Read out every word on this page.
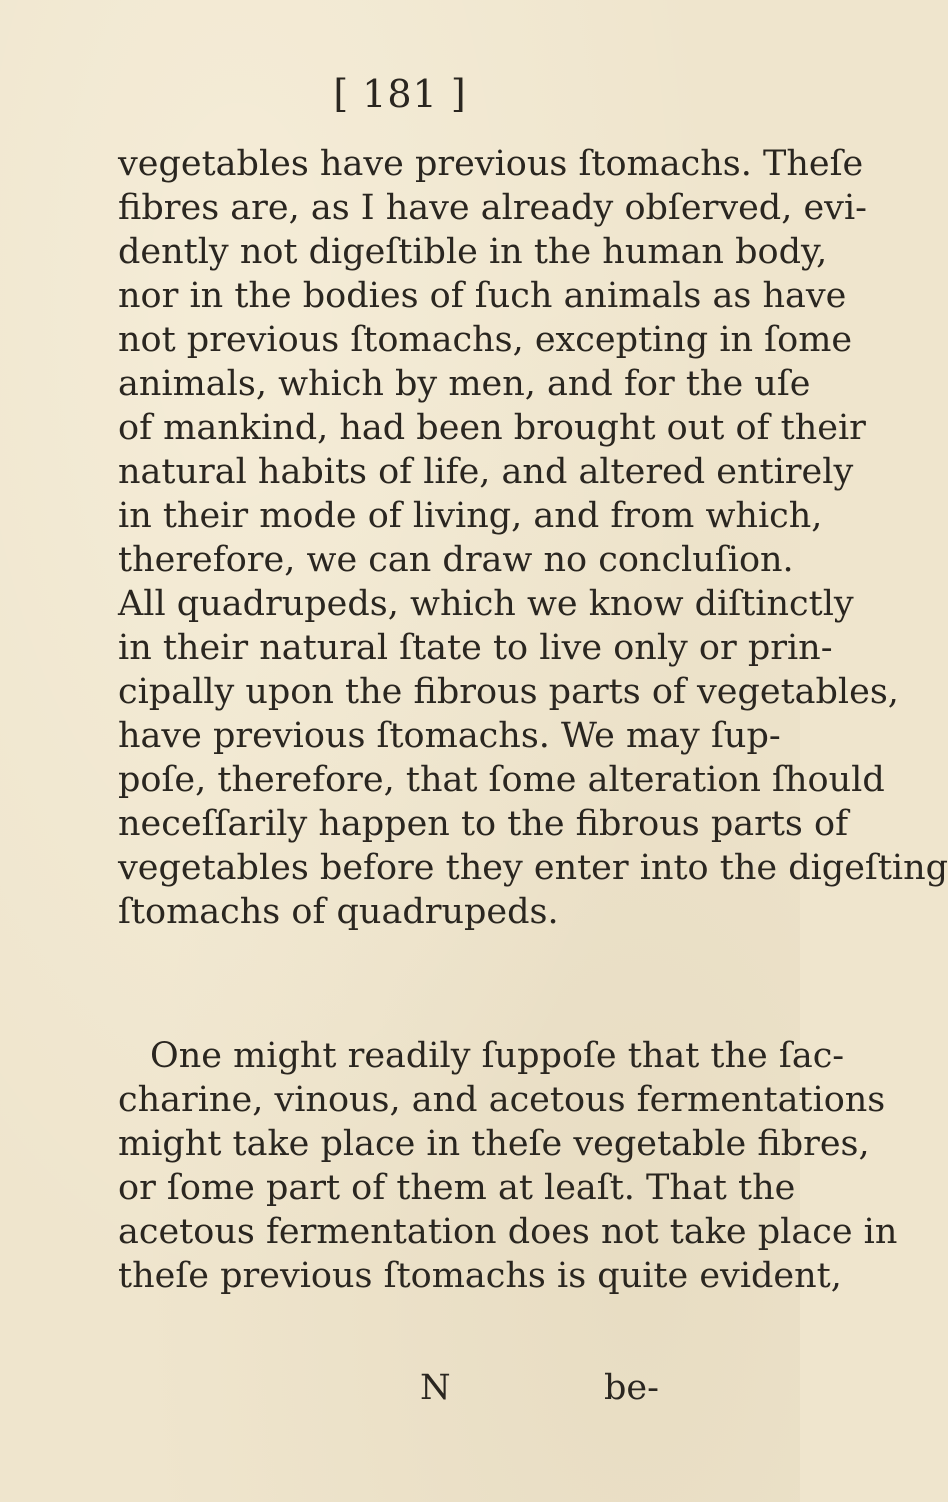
[ 181 ]
vegetables have previous ſtomachs. Theſe
fibres are, as I have already obſerved, evi-
dently not digeſtible in the human body,
nor in the bodies of ſuch animals as have
not previous ſtomachs, excepting in ſome
animals, which by men, and for the uſe
of mankind, had been brought out of their
natural habits of life, and altered entirely
in their mode of living, and from which,
therefore, we can draw no concluſion.
All quadrupeds, which we know diſtinctly
in their natural ſtate to live only or prin-
cipally upon the fibrous parts of vegetables,
have previous ſtomachs. We may ſup-
poſe, therefore, that ſome alteration ſhould
neceſſarily happen to the fibrous parts of
vegetables before they enter into the digeſting
ſtomachs of quadrupeds.
One might readily ſuppoſe that the ſac-
charine, vinous, and acetous fermentations
might take place in theſe vegetable fibres,
or ſome part of them at leaſt. That the
acetous fermentation does not take place in
theſe previous ſtomachs is quite evident,
N	be-
